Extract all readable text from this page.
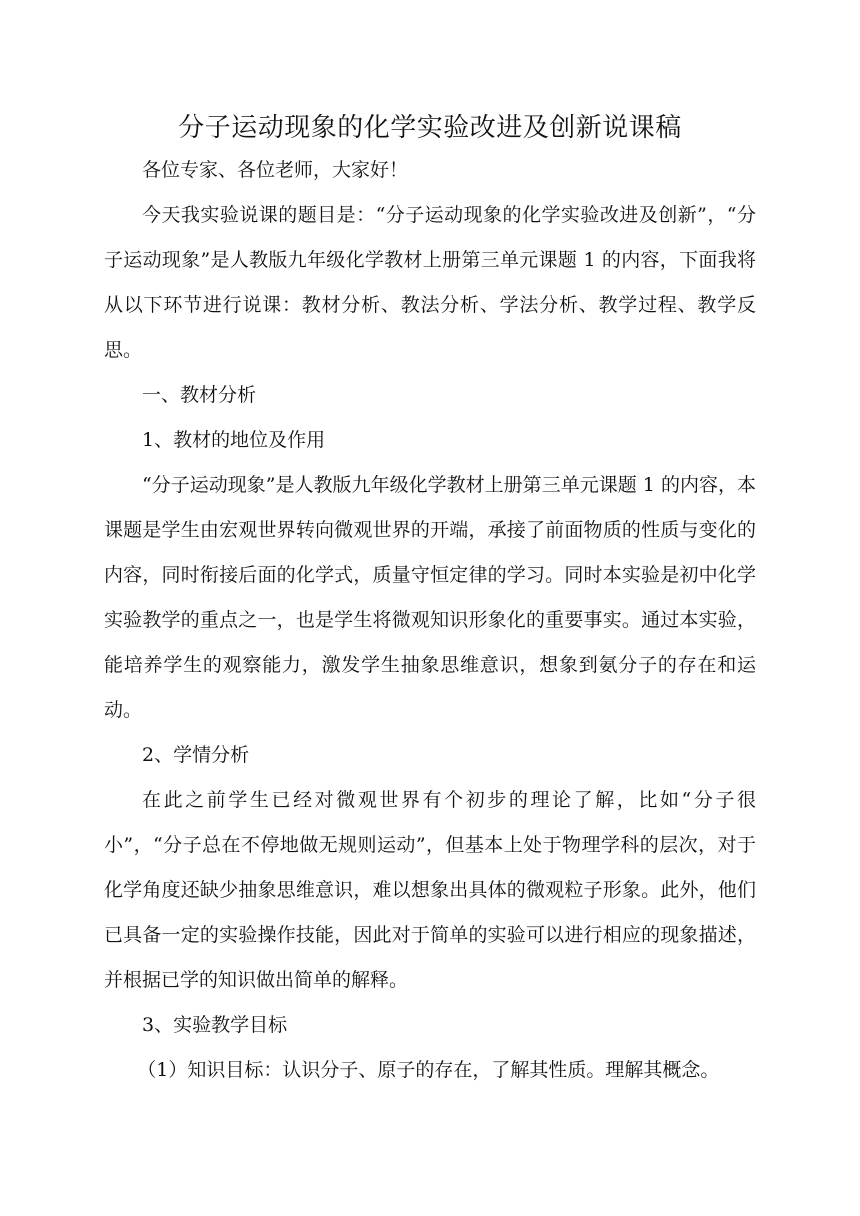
分子运动现象的化学实验改进及创新说课稿

各位专家、各位老师，大家好！

今天我实验说课的题目是：“分子运动现象的化学实验改进及创新”，“分子运动现象”是人教版九年级化学教材上册第三单元课题 1 的内容，下面我将从以下环节进行说课：教材分析、教法分析、学法分析、教学过程、教学反思。

一、教材分析

1、教材的地位及作用

“分子运动现象”是人教版九年级化学教材上册第三单元课题 1 的内容，本课题是学生由宏观世界转向微观世界的开端，承接了前面物质的性质与变化的内容，同时衔接后面的化学式，质量守恒定律的学习。同时本实验是初中化学实验教学的重点之一，也是学生将微观知识形象化的重要事实。通过本实验，能培养学生的观察能力，激发学生抽象思维意识，想象到氨分子的存在和运动。

2、学情分析

在此之前学生已经对微观世界有个初步的理论了解，比如“分子很小”，“分子总在不停地做无规则运动”，但基本上处于物理学科的层次，对于化学角度还缺少抽象思维意识，难以想象出具体的微观粒子形象。此外，他们已具备一定的实验操作技能，因此对于简单的实验可以进行相应的现象描述，并根据已学的知识做出简单的解释。

3、实验教学目标

（1）知识目标：认识分子、原子的存在，了解其性质。理解其概念。
